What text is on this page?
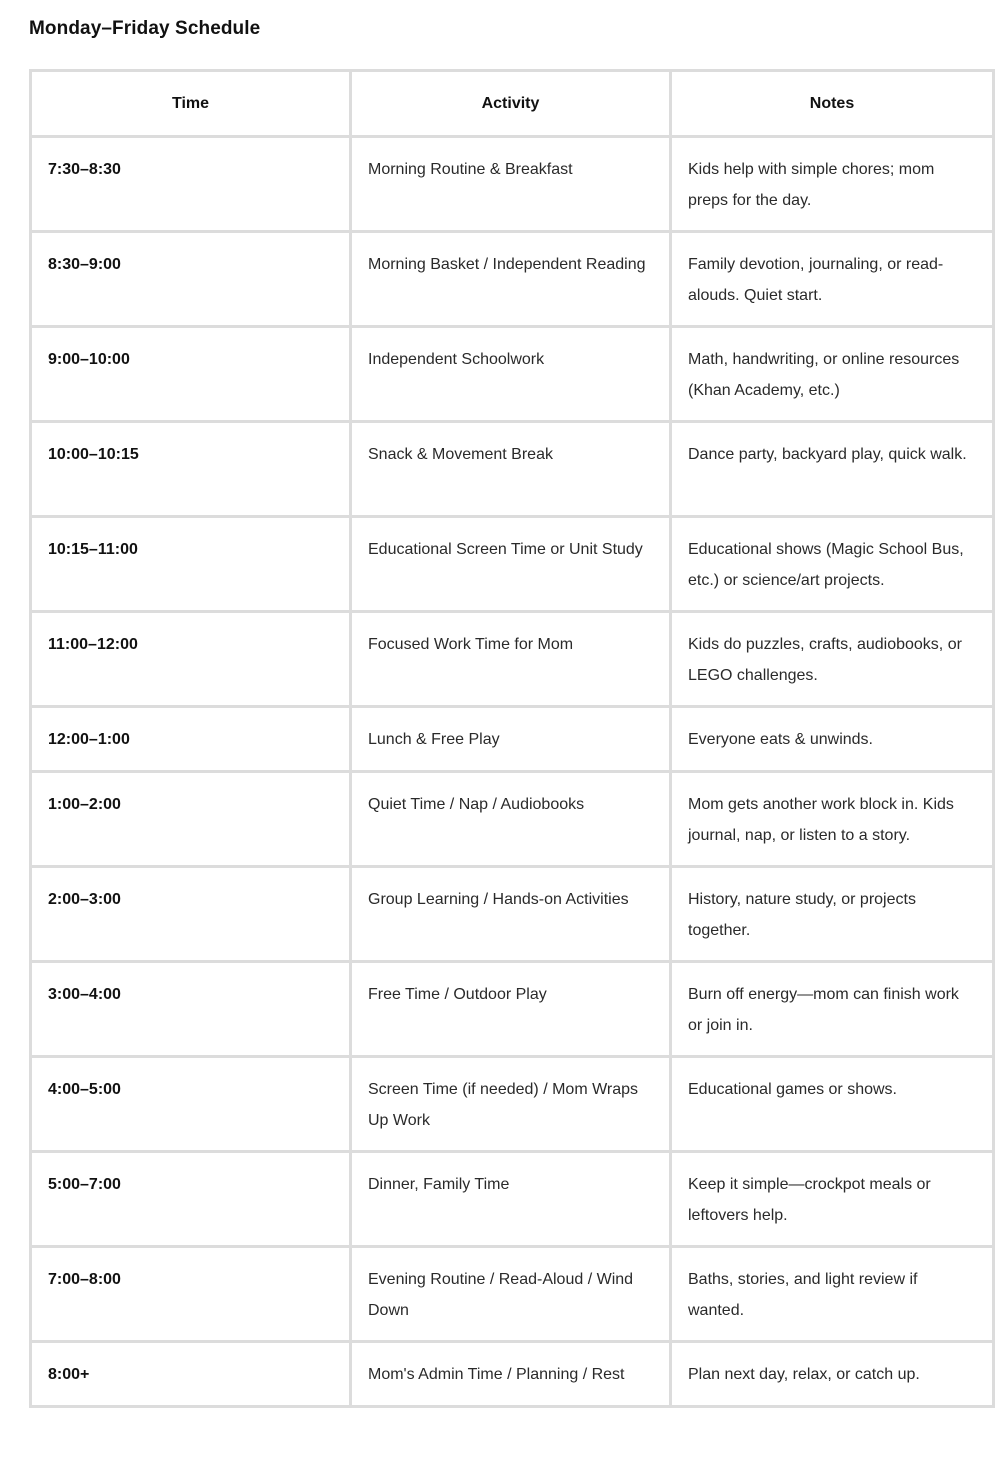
Monday–Friday Schedule
Time	Activity	Notes
7:30–8:30	Morning Routine & Breakfast	Kids help with simple chores; mom preps for the day.
8:30–9:00	Morning Basket / Independent Reading	Family devotion, journaling, or read-alouds. Quiet start.
9:00–10:00	Independent Schoolwork	Math, handwriting, or online resources (Khan Academy, etc.)
10:00–10:15	Snack & Movement Break	Dance party, backyard play, quick walk.
10:15–11:00	Educational Screen Time or Unit Study	Educational shows (Magic School Bus, etc.) or science/art projects.
11:00–12:00	Focused Work Time for Mom	Kids do puzzles, crafts, audiobooks, or LEGO challenges.
12:00–1:00	Lunch & Free Play	Everyone eats & unwinds.
1:00–2:00	Quiet Time / Nap / Audiobooks	Mom gets another work block in. Kids journal, nap, or listen to a story.
2:00–3:00	Group Learning / Hands-on Activities	History, nature study, or projects together.
3:00–4:00	Free Time / Outdoor Play	Burn off energy—mom can finish work or join in.
4:00–5:00	Screen Time (if needed) / Mom Wraps Up Work	Educational games or shows.
5:00–7:00	Dinner, Family Time	Keep it simple—crockpot meals or leftovers help.
7:00–8:00	Evening Routine / Read-Aloud / Wind Down	Baths, stories, and light review if wanted.
8:00+	Mom's Admin Time / Planning / Rest	Plan next day, relax, or catch up.
